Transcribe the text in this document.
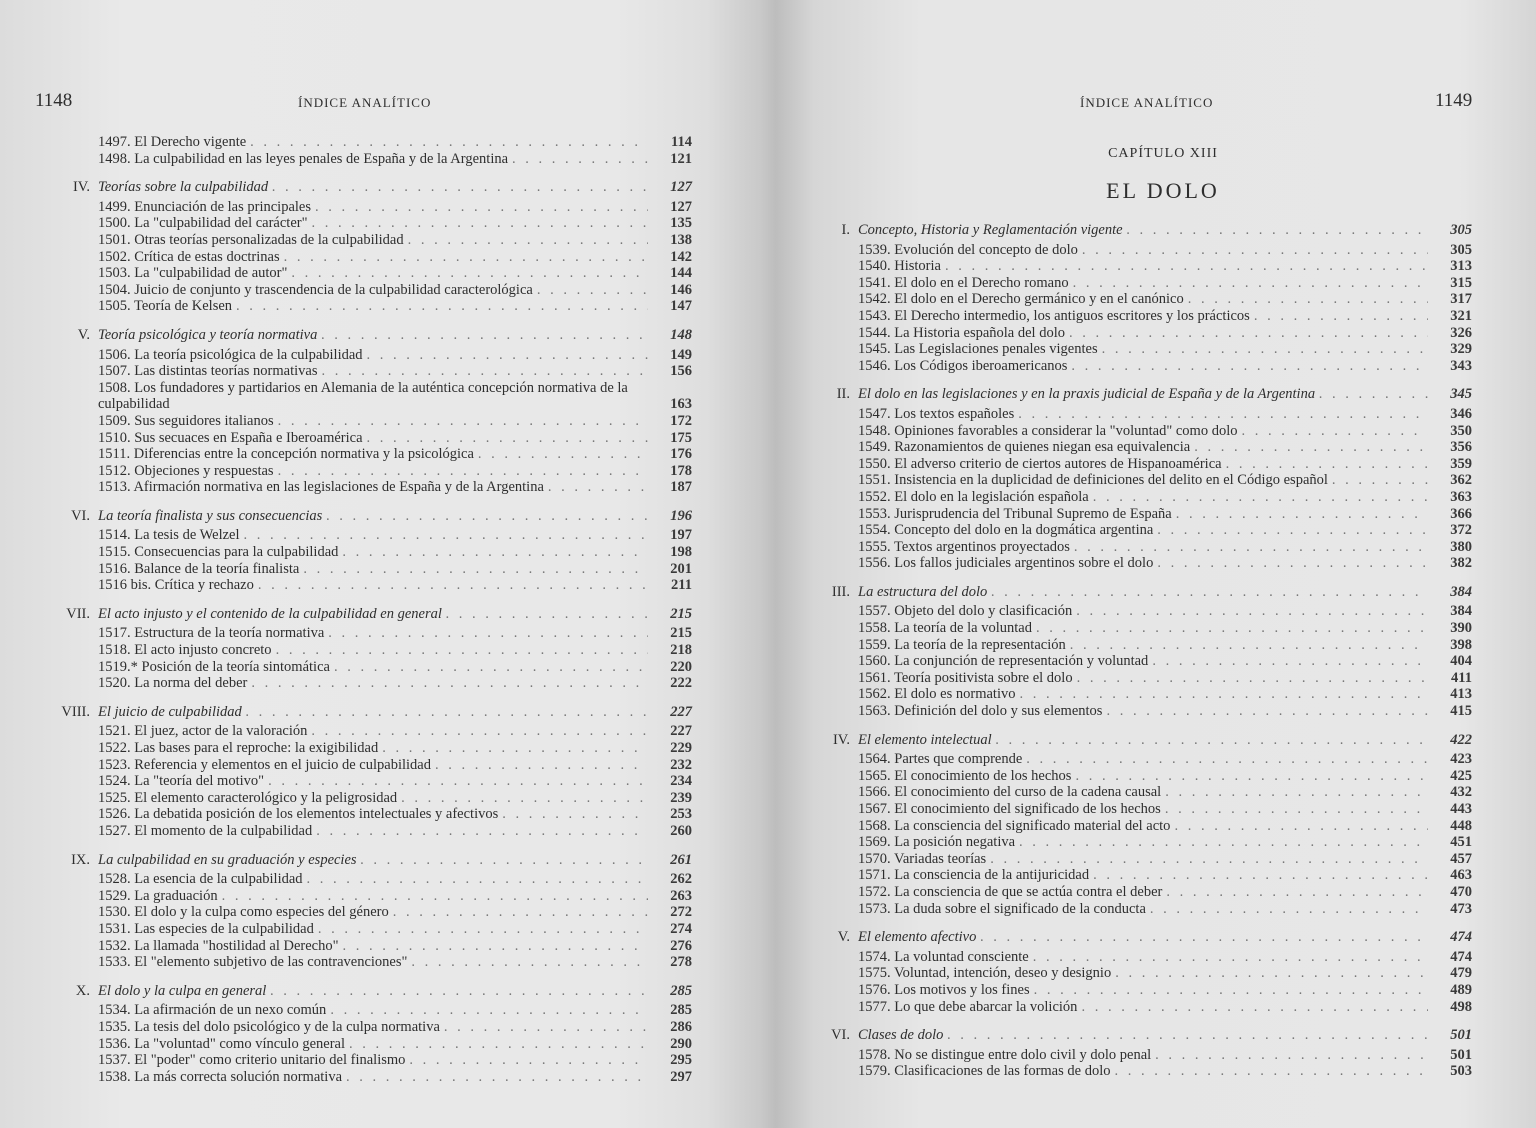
1148	ÍNDICE ANALÍTICO
1497. El Derecho vigente . . .	114
1498. La culpabilidad en las leyes penales de España y de la Argentina . . .	121
IV. Teorías sobre la culpabilidad . . .	127
1499. Enunciación de las principales . . .	127
1500. La "culpabilidad del carácter" . . .	135
1501. Otras teorías personalizadas de la culpabilidad . . .	138
1502. Crítica de estas doctrinas . . .	142
1503. La "culpabilidad de autor" . . .	144
1504. Juicio de conjunto y trascendencia de la culpabilidad caracterológica . . .	146
1505. Teoría de Kelsen . . .	147
V. Teoría psicológica y teoría normativa . . .	148
1506. La teoría psicológica de la culpabilidad . . .	149
1507. Las distintas teorías normativas . . .	156
1508. Los fundadores y partidarios en Alemania de la auténtica concepción normativa de la culpabilidad	163
1509. Sus seguidores italianos . . .	172
1510. Sus secuaces en España e Iberoamérica . . .	175
1511. Diferencias entre la concepción normativa y la psicológica . . .	176
1512. Objeciones y respuestas . . .	178
1513. Afirmación normativa en las legislaciones de España y de la Argentina . . .	187
VI. La teoría finalista y sus consecuencias . . .	196
1514. La tesis de Welzel . . .	197
1515. Consecuencias para la culpabilidad . . .	198
1516. Balance de la teoría finalista . . .	201
1516 bis. Crítica y rechazo . . .	211
VII. El acto injusto y el contenido de la culpabilidad en general . . .	215
1517. Estructura de la teoría normativa . . .	215
1518. El acto injusto concreto . . .	218
1519.* Posición de la teoría sintomática . . .	220
1520. La norma del deber . . .	222
VIII. El juicio de culpabilidad . . .	227
1521. El juez, actor de la valoración . . .	227
1522. Las bases para el reproche: la exigibilidad . . .	229
1523. Referencia y elementos en el juicio de culpabilidad . . .	232
1524. La "teoría del motivo" . . .	234
1525. El elemento caracterológico y la peligrosidad . . .	239
1526. La debatida posición de los elementos intelectuales y afectivos . . .	253
1527. El momento de la culpabilidad . . .	260
IX. La culpabilidad en su graduación y especies . . .	261
1528. La esencia de la culpabilidad . . .	262
1529. La graduación . . .	263
1530. El dolo y la culpa como especies del género . . .	272
1531. Las especies de la culpabilidad . . .	274
1532. La llamada "hostilidad al Derecho" . . .	276
1533. El "elemento subjetivo de las contravenciones" . . .	278
X. El dolo y la culpa en general . . .	285
1534. La afirmación de un nexo común . . .	285
1535. La tesis del dolo psicológico y de la culpa normativa . . .	286
1536. La "voluntad" como vínculo general . . .	290
1537. El "poder" como criterio unitario del finalismo . . .	295
1538. La más correcta solución normativa . . .	297
ÍNDICE ANALÍTICO	1149
CAPÍTULO XIII
EL DOLO
I. Concepto, Historia y Reglamentación vigente . . .	305
1539. Evolución del concepto de dolo . . .	305
1540. Historia . . .	313
1541. El dolo en el Derecho romano . . .	315
1542. El dolo en el Derecho germánico y en el canónico . . .	317
1543. El Derecho intermedio, los antiguos escritores y los prácticos . . .	321
1544. La Historia española del dolo . . .	326
1545. Las Legislaciones penales vigentes . . .	329
1546. Los Códigos iberoamericanos . . .	343
II. El dolo en las legislaciones y en la praxis judicial de España y de la Argentina . . .	345
1547. Los textos españoles . . .	346
1548. Opiniones favorables a considerar la "voluntad" como dolo . . .	350
1549. Razonamientos de quienes niegan esa equivalencia . . .	356
1550. El adverso criterio de ciertos autores de Hispanoamérica . . .	359
1551. Insistencia en la duplicidad de definiciones del delito en el Código español . . .	362
1552. El dolo en la legislación española . . .	363
1553. Jurisprudencia del Tribunal Supremo de España . . .	366
1554. Concepto del dolo en la dogmática argentina . . .	372
1555. Textos argentinos proyectados . . .	380
1556. Los fallos judiciales argentinos sobre el dolo . . .	382
III. La estructura del dolo . . .	384
1557. Objeto del dolo y clasificación . . .	384
1558. La teoría de la voluntad . . .	390
1559. La teoría de la representación . . .	398
1560. La conjunción de representación y voluntad . . .	404
1561. Teoría positivista sobre el dolo . . .	411
1562. El dolo es normativo . . .	413
1563. Definición del dolo y sus elementos . . .	415
IV. El elemento intelectual . . .	422
1564. Partes que comprende . . .	423
1565. El conocimiento de los hechos . . .	425
1566. El conocimiento del curso de la cadena causal . . .	432
1567. El conocimiento del significado de los hechos . . .	443
1568. La consciencia del significado material del acto . . .	448
1569. La posición negativa . . .	451
1570. Variadas teorías . . .	457
1571. La consciencia de la antijuricidad . . .	463
1572. La consciencia de que se actúa contra el deber . . .	470
1573. La duda sobre el significado de la conducta . . .	473
V. El elemento afectivo . . .	474
1574. La voluntad consciente . . .	474
1575. Voluntad, intención, deseo y designio . . .	479
1576. Los motivos y los fines . . .	489
1577. Lo que debe abarcar la volición . . .	498
VI. Clases de dolo . . .	501
1578. No se distingue entre dolo civil y dolo penal . . .	501
1579. Clasificaciones de las formas de dolo . . .	503
